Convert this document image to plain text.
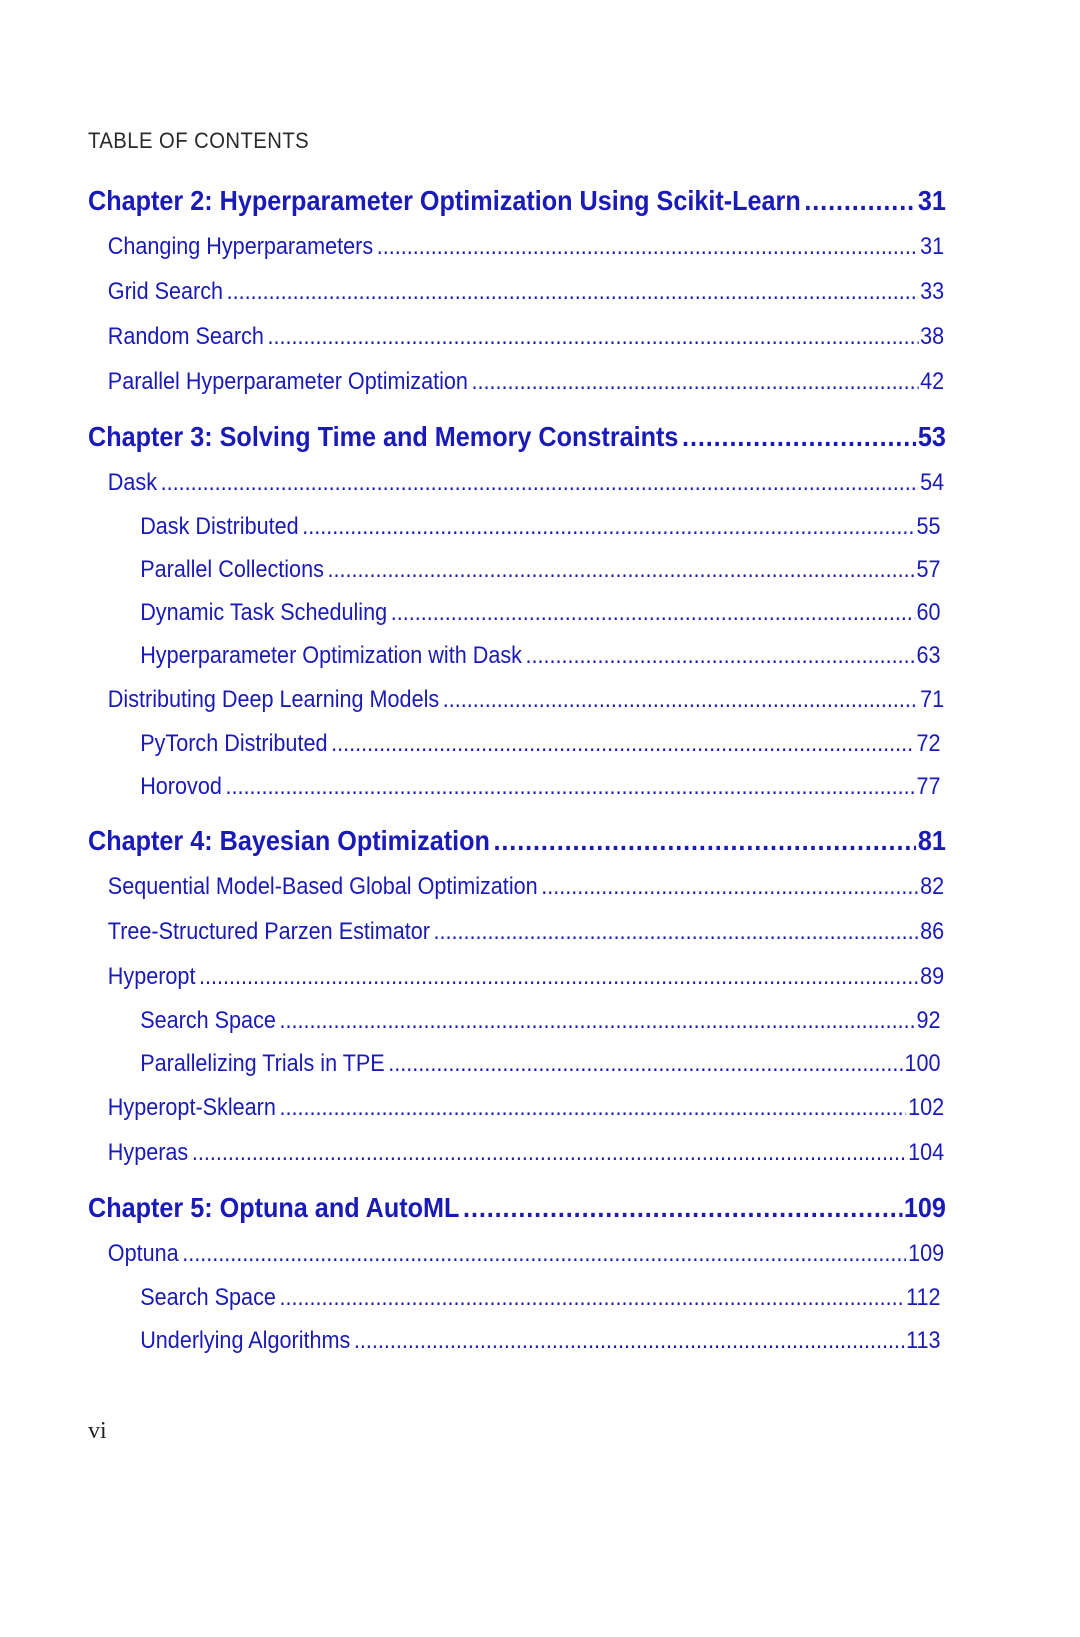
TABLE OF CONTENTS
Chapter 2: Hyperparameter Optimization Using Scikit-Learn .....	31
Changing Hyperparameters .....	31
Grid Search .....	33
Random Search .....	38
Parallel Hyperparameter Optimization .....	42
Chapter 3: Solving Time and Memory Constraints .....	53
Dask .....	54
Dask Distributed .....	55
Parallel Collections .....	57
Dynamic Task Scheduling .....	60
Hyperparameter Optimization with Dask .....	63
Distributing Deep Learning Models .....	71
PyTorch Distributed .....	72
Horovod .....	77
Chapter 4: Bayesian Optimization .....	81
Sequential Model-Based Global Optimization .....	82
Tree-Structured Parzen Estimator .....	86
Hyperopt .....	89
Search Space .....	92
Parallelizing Trials in TPE .....	100
Hyperopt-Sklearn .....	102
Hyperas .....	104
Chapter 5: Optuna and AutoML .....	109
Optuna .....	109
Search Space .....	112
Underlying Algorithms .....	113
vi
